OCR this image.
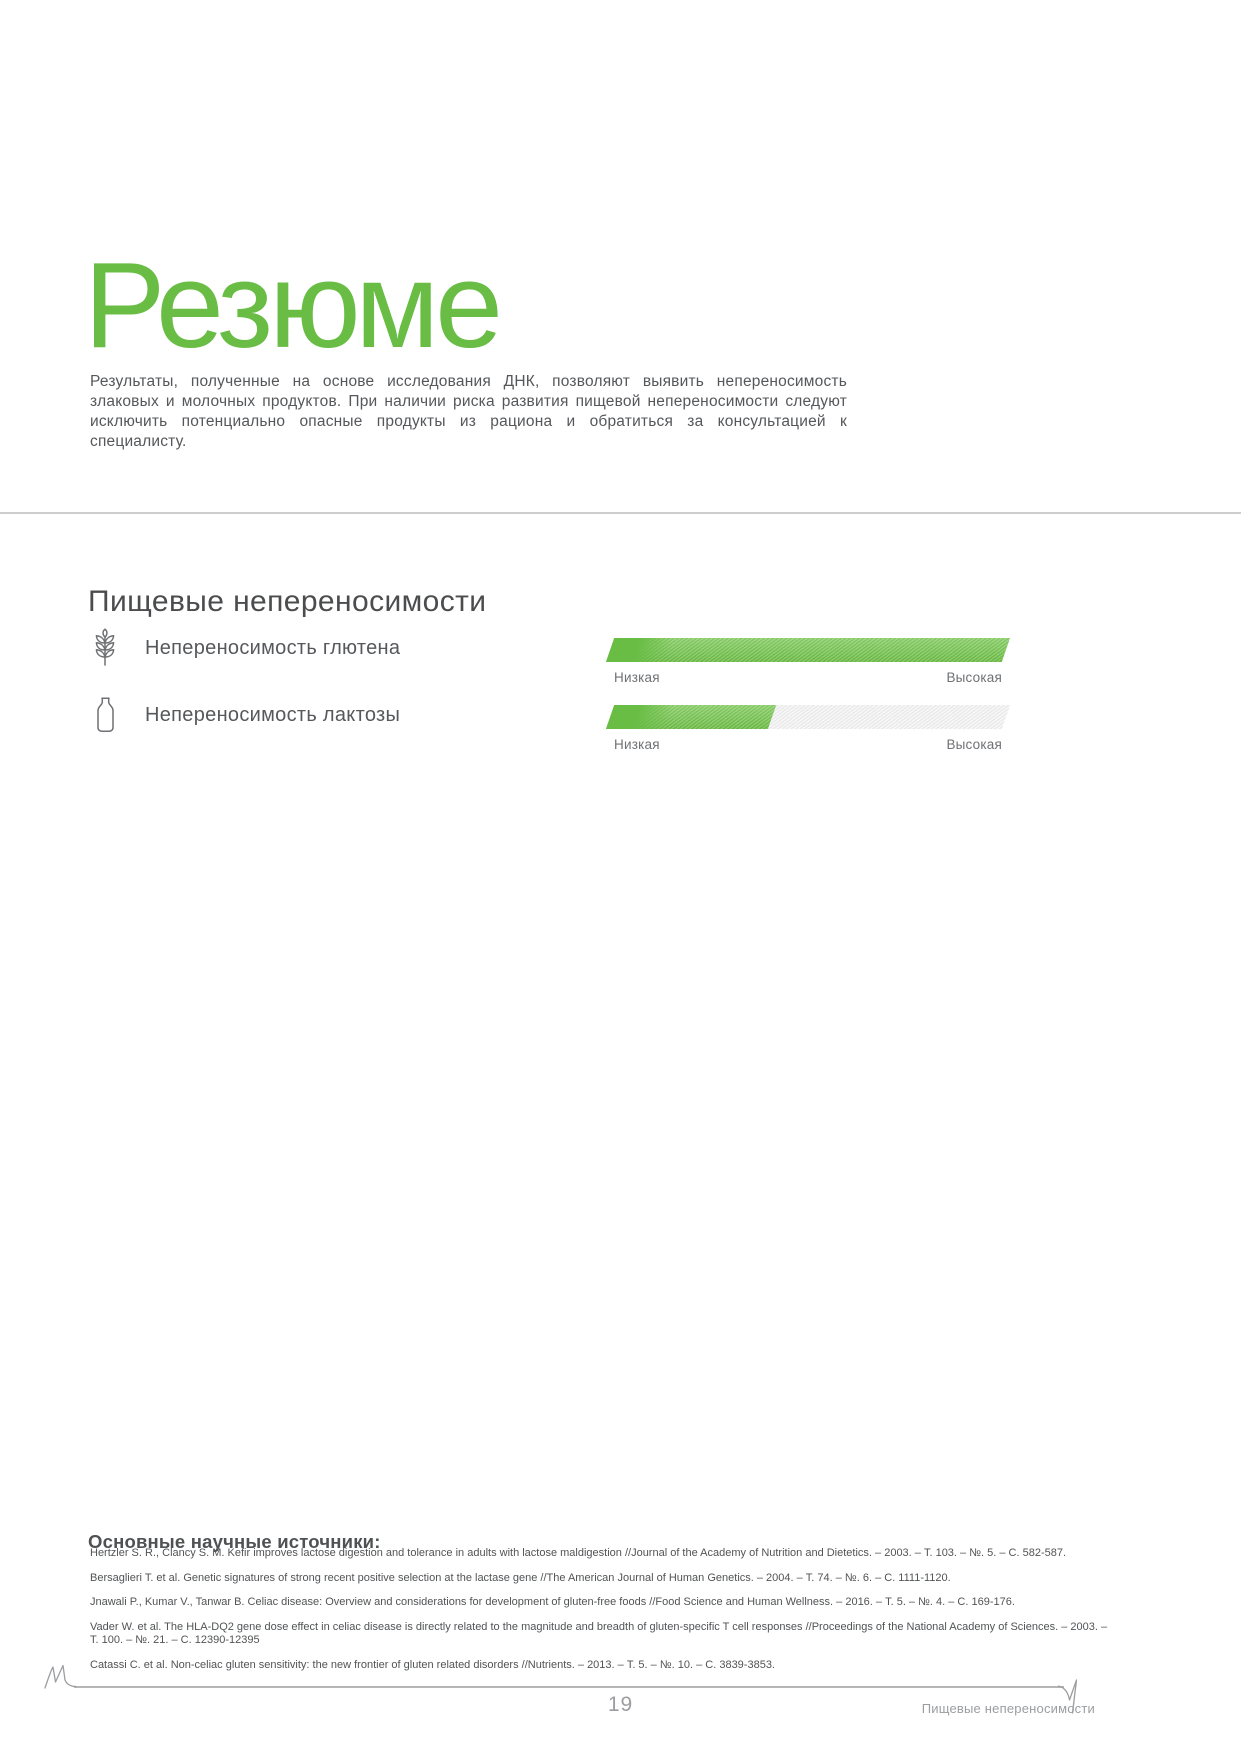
Резюме

Результаты, полученные на основе исследования ДНК, позволяют выявить непереносимость злаковых и молочных продуктов. При наличии риска развития пищевой непереносимости следуют исключить потенциально опасные продукты из рациона и обратиться за консультацией к специалисту.

Пищевые непереносимости
Непереносимость глютена
Низкая	Высокая
Непереносимость лактозы
Низкая	Высокая
Основные научные источники:

Hertzler S. R., Clancy S. M. Kefir improves lactose digestion and tolerance in adults with lactose maldigestion //Journal of the Academy of Nutrition and Dietetics. – 2003. – Т. 103. – №. 5. – С. 582-587.

Bersaglieri T. et al. Genetic signatures of strong recent positive selection at the lactase gene //The American Journal of Human Genetics. – 2004. – Т. 74. – №. 6. – С. 1111-1120.

Jnawali P., Kumar V., Tanwar B. Celiac disease: Overview and considerations for development of gluten-free foods //Food Science and Human Wellness. – 2016. – Т. 5. – №. 4. – С. 169-176.

Vader W. et al. The HLA-DQ2 gene dose effect in celiac disease is directly related to the magnitude and breadth of gluten-specific T cell responses //Proceedings of the National Academy of Sciences. – 2003. – Т. 100. – №. 21. – С. 12390-12395

Catassi C. et al. Non-celiac gluten sensitivity: the new frontier of gluten related disorders //Nutrients. – 2013. – Т. 5. – №. 10. – С. 3839-3853.

19	Пищевые непереносимости
